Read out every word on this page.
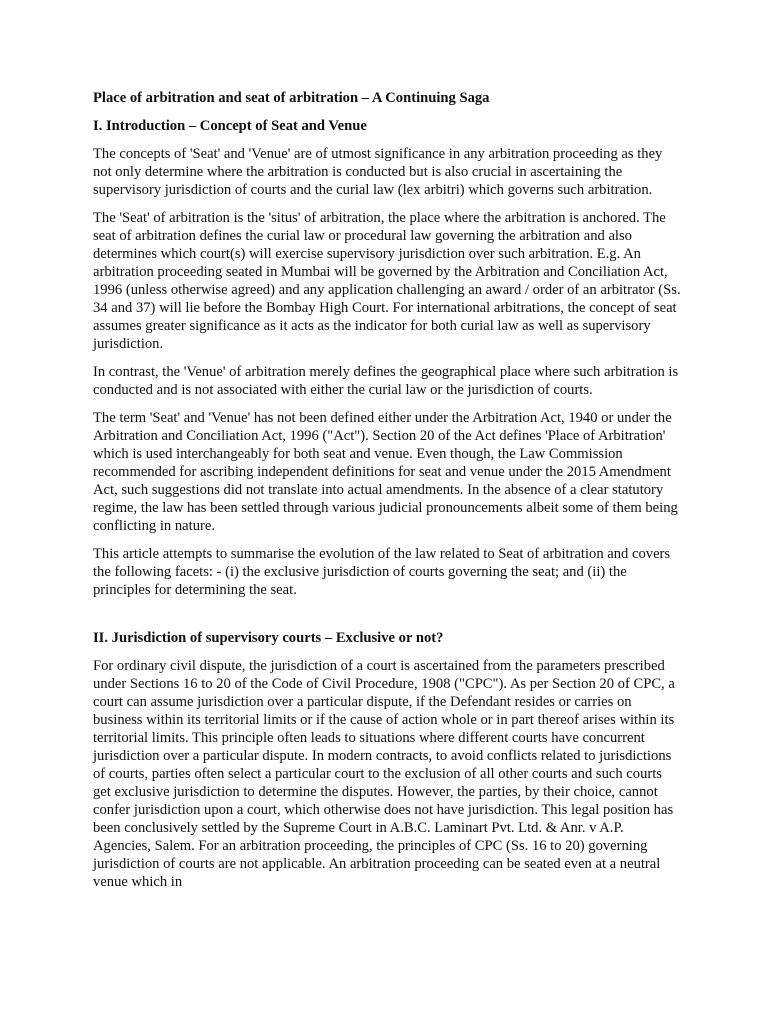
Place of arbitration and seat of arbitration – A Continuing Saga
I. Introduction – Concept of Seat and Venue

The concepts of 'Seat' and 'Venue' are of utmost significance in any arbitration proceeding as they not only determine where the arbitration is conducted but is also crucial in ascertaining the supervisory jurisdiction of courts and the curial law (lex arbitri) which governs such arbitration.

The 'Seat' of arbitration is the 'situs' of arbitration, the place where the arbitration is anchored. The seat of arbitration defines the curial law or procedural law governing the arbitration and also determines which court(s) will exercise supervisory jurisdiction over such arbitration. E.g. An arbitration proceeding seated in Mumbai will be governed by the Arbitration and Conciliation Act, 1996 (unless otherwise agreed) and any application challenging an award / order of an arbitrator (Ss. 34 and 37) will lie before the Bombay High Court. For international arbitrations, the concept of seat assumes greater significance as it acts as the indicator for both curial law as well as supervisory jurisdiction.

In contrast, the 'Venue' of arbitration merely defines the geographical place where such arbitration is conducted and is not associated with either the curial law or the jurisdiction of courts.

The term 'Seat' and 'Venue' has not been defined either under the Arbitration Act, 1940 or under the Arbitration and Conciliation Act, 1996 ("Act"). Section 20 of the Act defines 'Place of Arbitration' which is used interchangeably for both seat and venue. Even though, the Law Commission recommended for ascribing independent definitions for seat and venue under the 2015 Amendment Act, such suggestions did not translate into actual amendments. In the absence of a clear statutory regime, the law has been settled through various judicial pronouncements albeit some of them being conflicting in nature.

This article attempts to summarise the evolution of the law related to Seat of arbitration and covers the following facets: - (i) the exclusive jurisdiction of courts governing the seat; and (ii) the principles for determining the seat.

II. Jurisdiction of supervisory courts – Exclusive or not?

For ordinary civil dispute, the jurisdiction of a court is ascertained from the parameters prescribed under Sections 16 to 20 of the Code of Civil Procedure, 1908 ("CPC"). As per Section 20 of CPC, a court can assume jurisdiction over a particular dispute, if the Defendant resides or carries on business within its territorial limits or if the cause of action whole or in part thereof arises within its territorial limits. This principle often leads to situations where different courts have concurrent jurisdiction over a particular dispute. In modern contracts, to avoid conflicts related to jurisdictions of courts, parties often select a particular court to the exclusion of all other courts and such courts get exclusive jurisdiction to determine the disputes. However, the parties, by their choice, cannot confer jurisdiction upon a court, which otherwise does not have jurisdiction. This legal position has been conclusively settled by the Supreme Court in A.B.C. Laminart Pvt. Ltd. & Anr. v A.P. Agencies, Salem. For an arbitration proceeding, the principles of CPC (Ss. 16 to 20) governing jurisdiction of courts are not applicable. An arbitration proceeding can be seated even at a neutral venue which in
